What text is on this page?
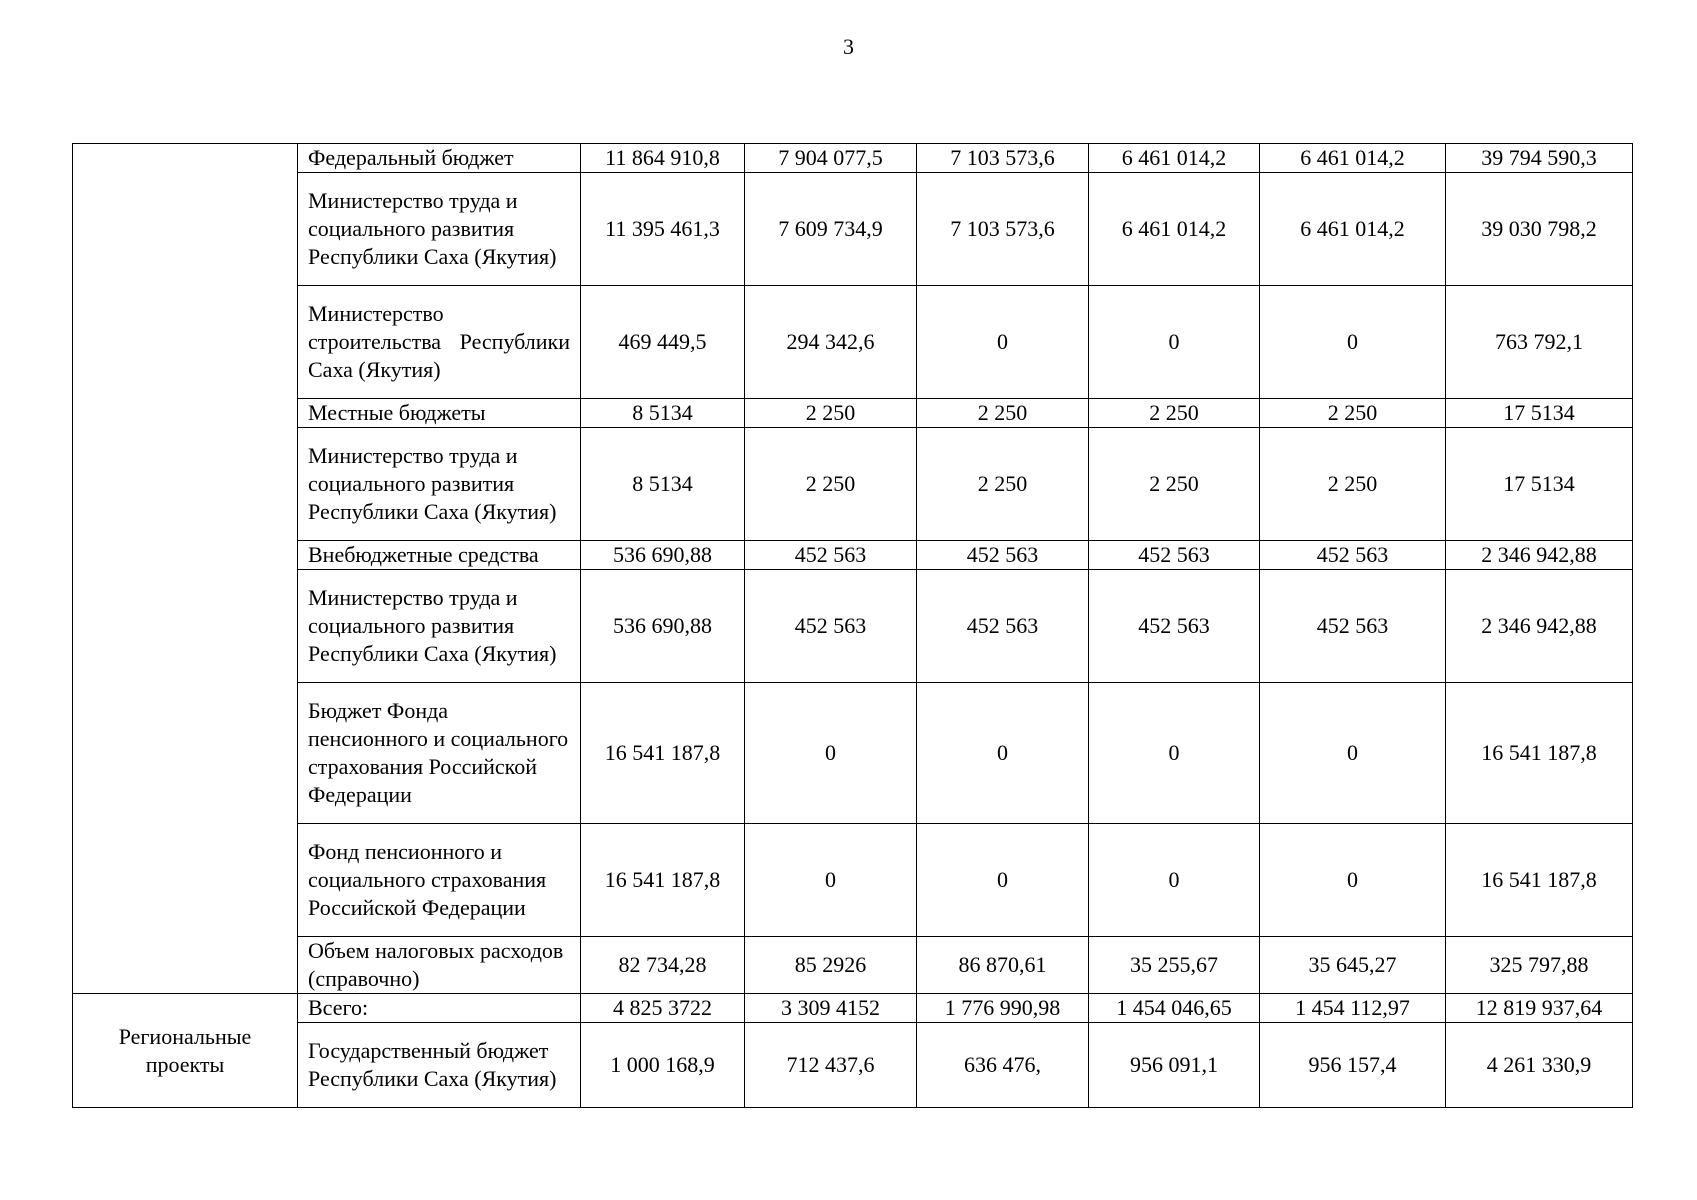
3
	Федеральный бюджет	11 864 910,8	7 904 077,5	7 103 573,6	6 461 014,2	6 461 014,2	39 794 590,3
	Министерство труда и социального развития Республики Саха (Якутия)	11 395 461,3	7 609 734,9	7 103 573,6	6 461 014,2	6 461 014,2	39 030 798,2
	Министерство строительства Республики Саха (Якутия)	469 449,5	294 342,6	0	0	0	763 792,1
	Местные бюджеты	8 5134	2 250	2 250	2 250	2 250	17 5134
	Министерство труда и социального развития Республики Саха (Якутия)	8 5134	2 250	2 250	2 250	2 250	17 5134
	Внебюджетные средства	536 690,88	452 563	452 563	452 563	452 563	2 346 942,88
	Министерство труда и социального развития Республики Саха (Якутия)	536 690,88	452 563	452 563	452 563	452 563	2 346 942,88
	Бюджет Фонда пенсионного и социального страхования Российской Федерации	16 541 187,8	0	0	0	0	16 541 187,8
	Фонд пенсионного и социального страхования Российской Федерации	16 541 187,8	0	0	0	0	16 541 187,8
	Объем налоговых расходов (справочно)	82 734,28	85 2926	86 870,61	35 255,67	35 645,27	325 797,88
Региональные проекты	Всего:	4 825 3722	3 309 4152	1 776 990,98	1 454 046,65	1 454 112,97	12 819 937,64
	Государственный бюджет Республики Саха (Якутия)	1 000 168,9	712 437,6	636 476,	956 091,1	956 157,4	4 261 330,9
